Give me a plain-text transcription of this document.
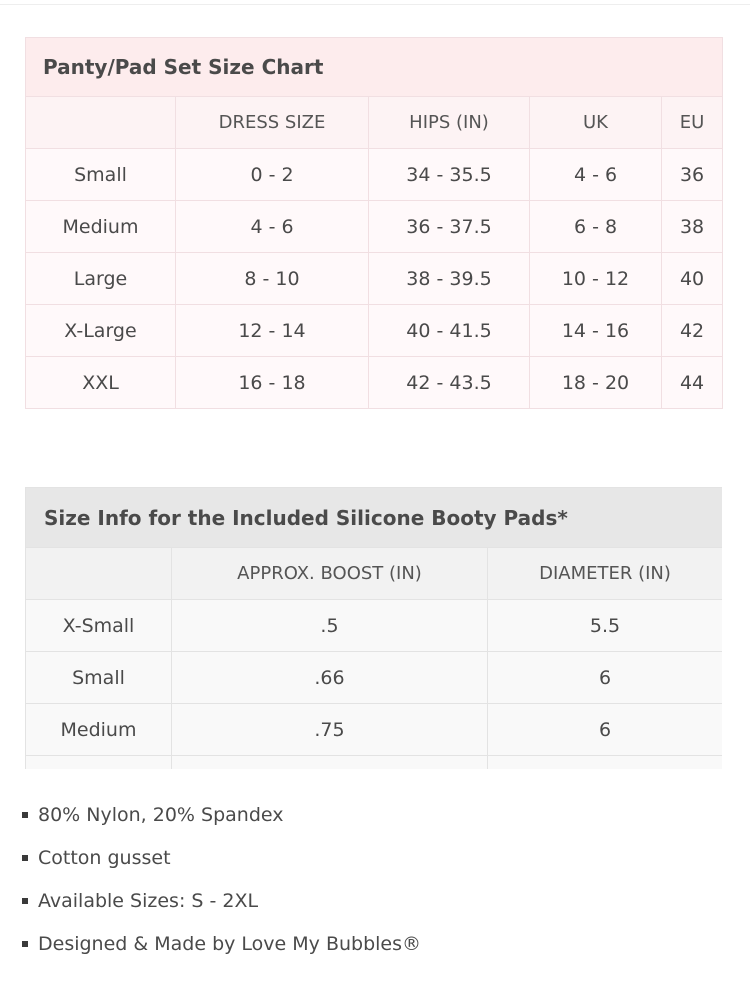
Panty/Pad Set Size Chart				
	DRESS SIZE	HIPS (IN)	UK	EU
Small	0 - 2	34 - 35.5	4 - 6	36
Medium	4 - 6	36 - 37.5	6 - 8	38
Large	8 - 10	38 - 39.5	10 - 12	40
X-Large	12 - 14	40 - 41.5	14 - 16	42
XXL	16 - 18	42 - 43.5	18 - 20	44
Size Info for the Included Silicone Booty Pads*		
	APPROX. BOOST (IN)	DIAMETER (IN)
X-Small	.5	5.5
Small	.66	6
Medium	.75	6

80% Nylon, 20% Spandex
Cotton gusset
Available Sizes: S - 2XL
Designed & Made by Love My Bubbles®
